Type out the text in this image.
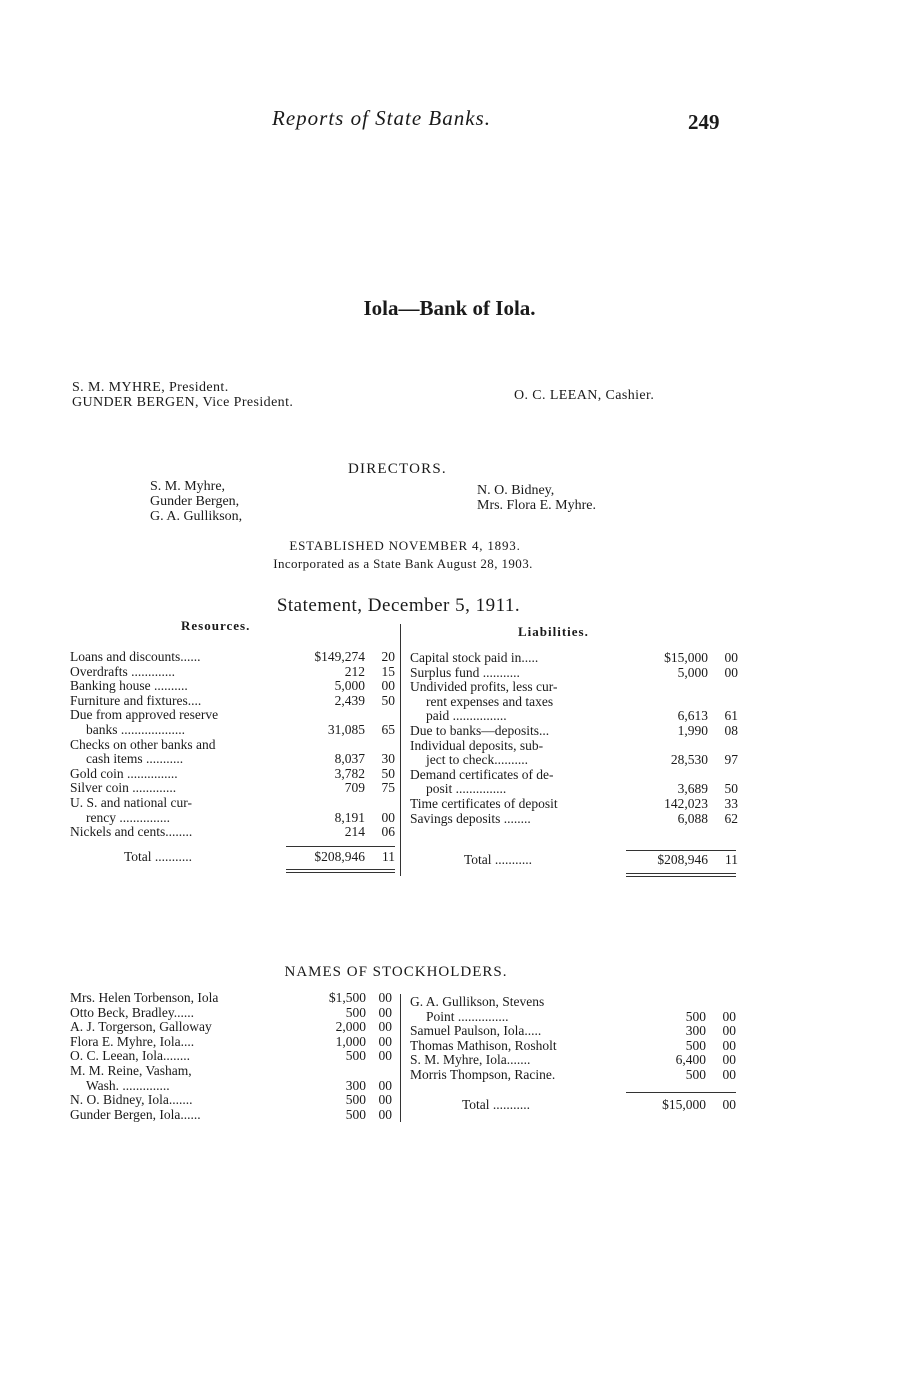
Reports of State Banks.	249
Iola—Bank of Iola.
S. M. MYHRE, President.
GUNDER BERGEN, Vice President.	O. C. LEEAN, Cashier.
DIRECTORS.
S. M. Myhre,
Gunder Bergen,
G. A. Gullikson,
N. O. Bidney,
Mrs. Flora E. Myhre.
ESTABLISHED NOVEMBER 4, 1893.
Incorporated as a State Bank August 28, 1903.
Statement, December 5, 1911.
Resources.	Liabilities.
Loans and discounts......	$149,274 20
Overdrafts .............	212 15
Banking house ..........	5,000 00
Furniture and fixtures....	2,439 50
Due from approved reserve
banks ...................	31,085 65
Checks on other banks and
cash items ...........	8,037 30
Gold coin ...............	3,782 50
Silver coin .............	709 75
U. S. and national cur-
rency ...............	8,191 00
Nickels and cents........	214 06
Capital stock paid in.....	$15,000 00
Surplus fund ...........	5,000 00
Undivided profits, less cur-
rent expenses and taxes
paid ................	6,613 61
Due to banks—deposits...	1,990 08
Individual deposits, sub-
ject to check..........	28,530 97
Demand certificates of de-
posit ...............	3,689 50
Time certificates of deposit	142,023 33
Savings deposits ........	6,088 62
Total ...........	$208,946 11	Total ...........	$208,946 11
NAMES OF STOCKHOLDERS.
Mrs. Helen Torbenson, Iola	$1,500 00
Otto Beck, Bradley......	500 00
A. J. Torgerson, Galloway	2,000 00
Flora E. Myhre, Iola....	1,000 00
O. C. Leean, Iola........	500 00
M. M. Reine, Vasham,
Wash. ..............	300 00
N. O. Bidney, Iola.......	500 00
Gunder Bergen, Iola......	500 00
G. A. Gullikson, Stevens
Point ...............	500 00
Samuel Paulson, Iola.....	300 00
Thomas Mathison, Rosholt	500 00
S. M. Myhre, Iola.......	6,400 00
Morris Thompson, Racine.	500 00
Total ...........	$15,000 00
